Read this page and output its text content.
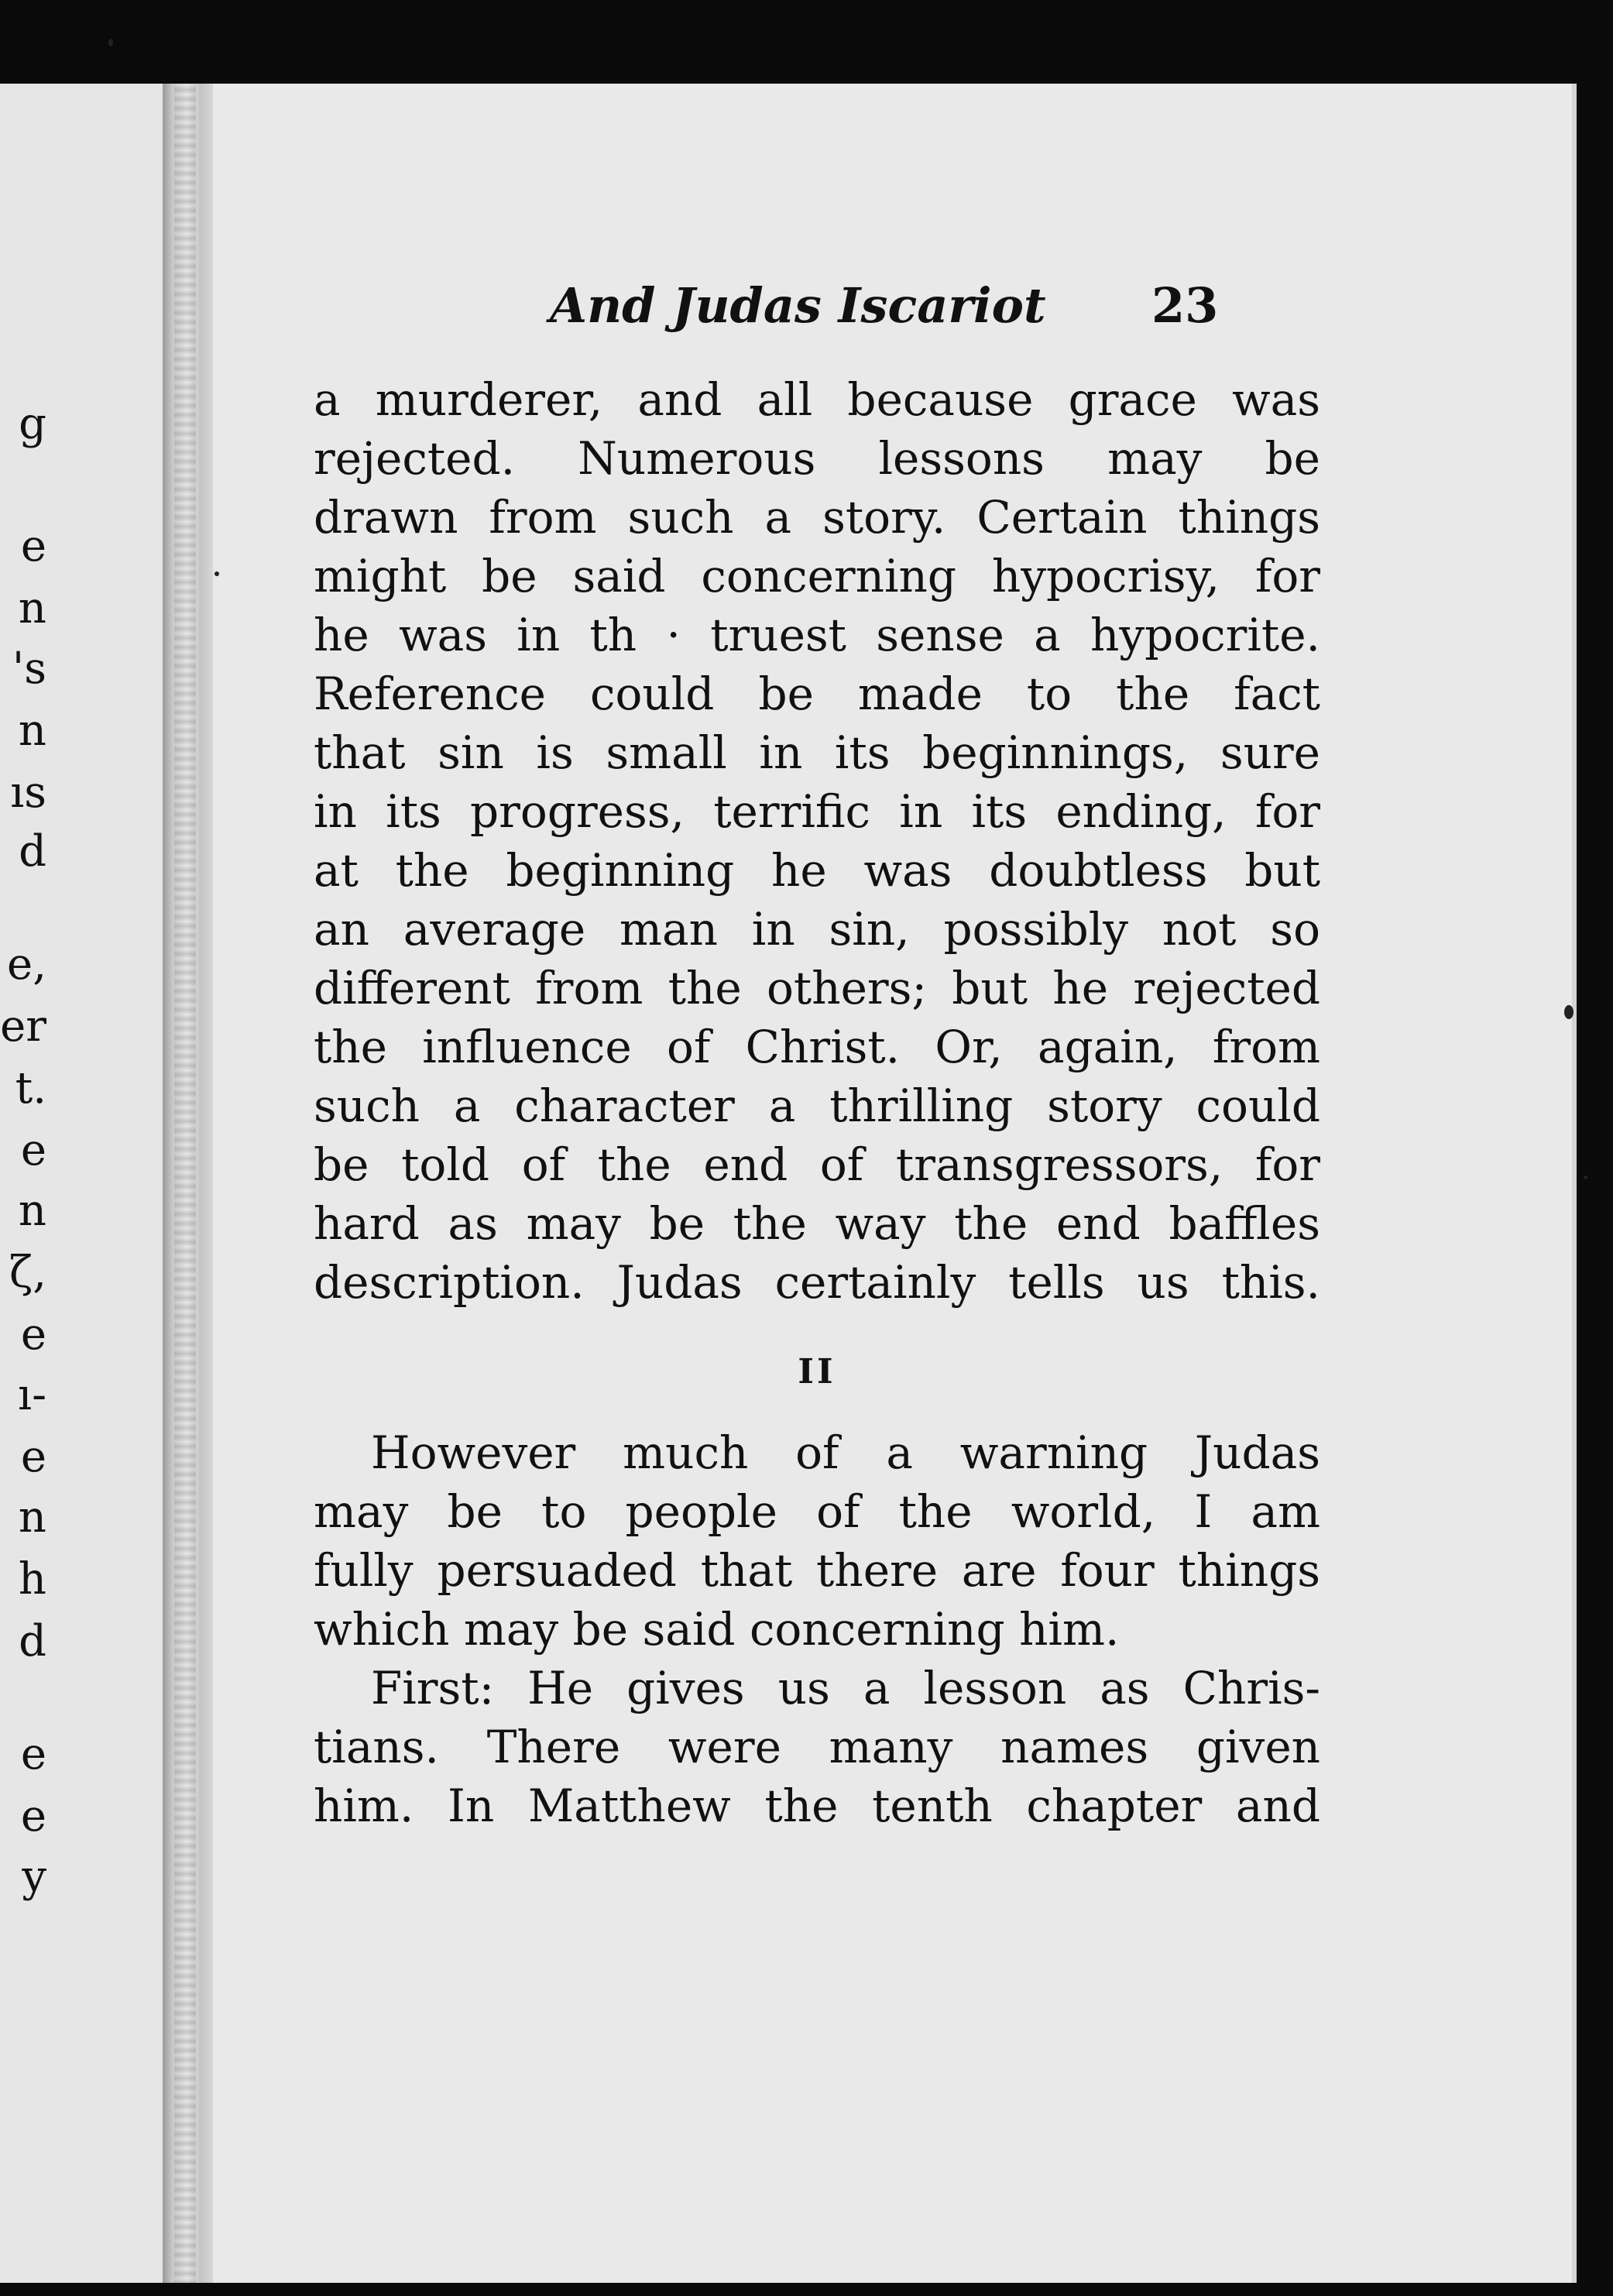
g
e
n
's
n
ıs
d
e,
er
t.
e
n
ζ,
e
ı-
e
n
h
d
e
e
y
And Judas Iscariot 23
a murderer, and all because grace was
rejected. Numerous lessons may be
drawn from such a story. Certain things
might be said concerning hypocrisy, for
he was in th · truest sense a hypocrite.
Reference could be made to the fact
that sin is small in its beginnings, sure
in its progress, terrific in its ending, for
at the beginning he was doubtless but
an average man in sin, possibly not so
different from the others; but he rejected
the influence of Christ. Or, again, from
such a character a thrilling story could
be told of the end of transgressors, for
hard as may be the way the end baffles
description. Judas certainly tells us this.
II
However much of a warning Judas
may be to people of the world, I am
fully persuaded that there are four things
which may be said concerning him.
First: He gives us a lesson as Chris-
tians. There were many names given
him. In Matthew the tenth chapter and
